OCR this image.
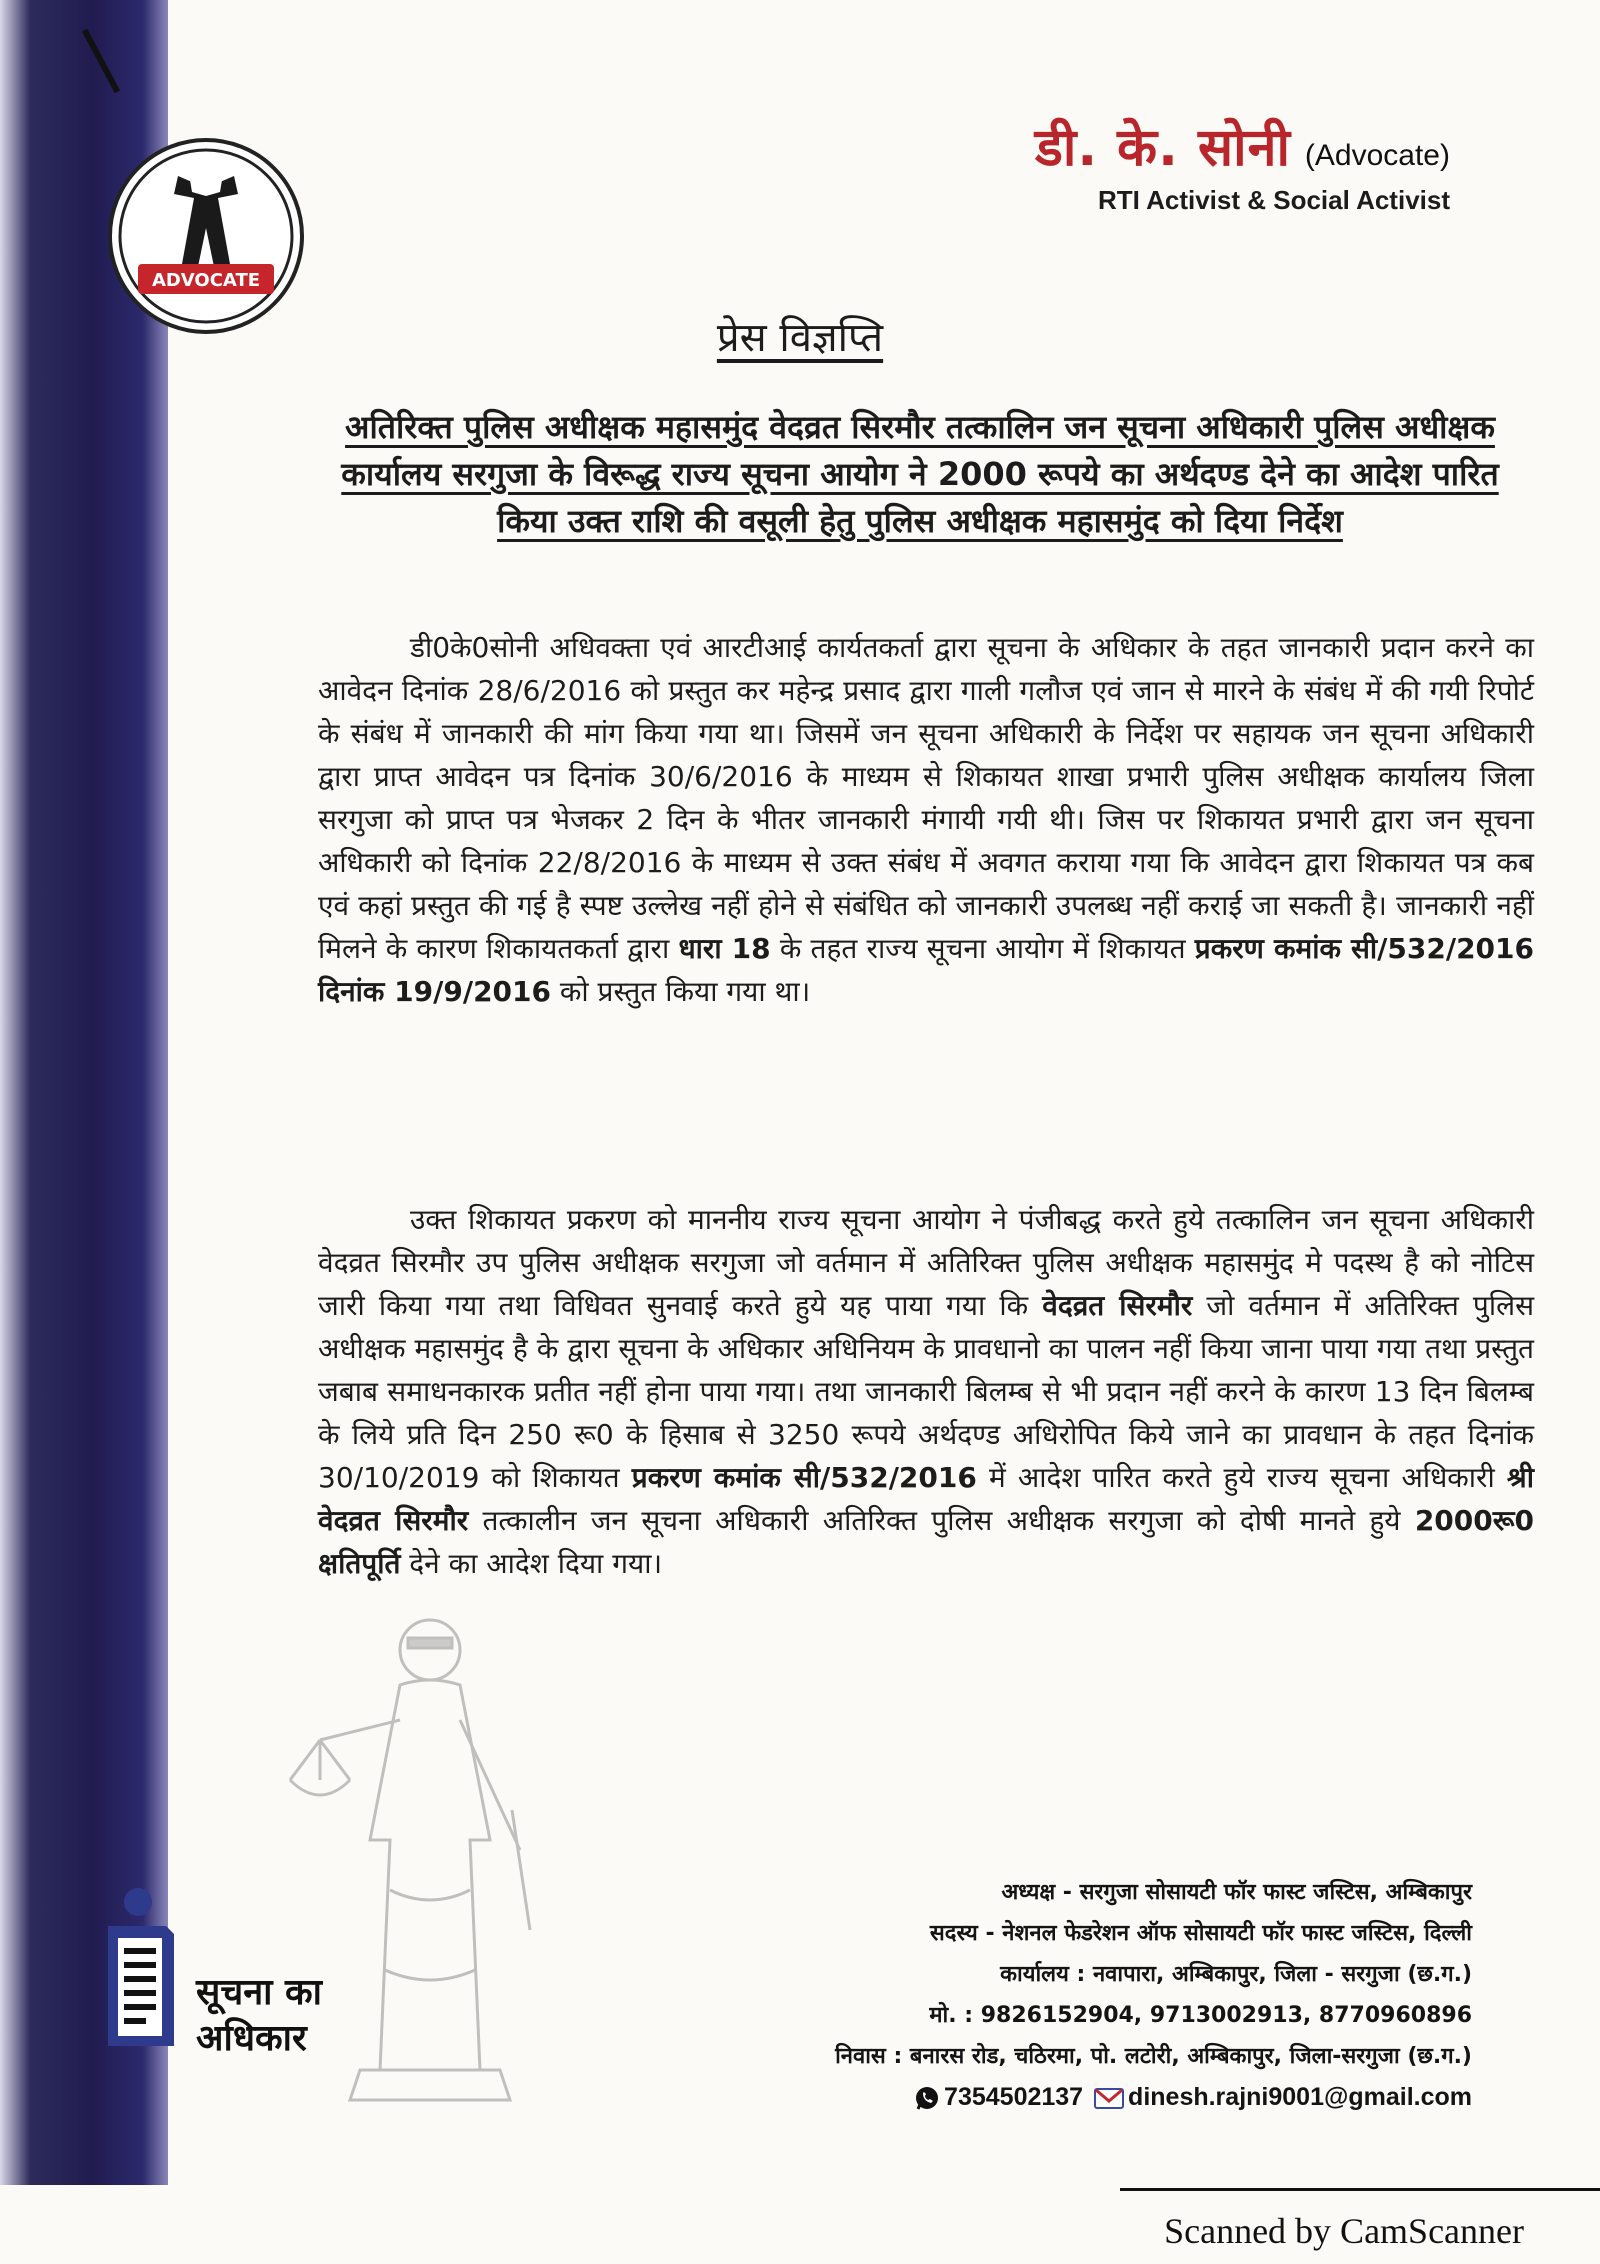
ADVOCATE
डी. के. सोनी (Advocate)
RTI Activist & Social Activist
प्रेस विज्ञप्ति
अतिरिक्त पुलिस अधीक्षक महासमुंद वेदव्रत सिरमौर तत्कालिन जन सूचना अधिकारी पुलिस अधीक्षक कार्यालय सरगुजा के विरूद्ध राज्य सूचना आयोग ने 2000 रूपये का अर्थदण्ड देने का आदेश पारित किया उक्त राशि की वसूली हेतु पुलिस अधीक्षक महासमुंद को दिया निर्देश
डी0के0सोनी अधिवक्ता एवं आरटीआई कार्यतकर्ता द्वारा सूचना के अधिकार के तहत जानकारी प्रदान करने का आवेदन दिनांक 28/6/2016 को प्रस्तुत कर महेन्द्र प्रसाद द्वारा गाली गलौज एवं जान से मारने के संबंध में की गयी रिपोर्ट के संबंध में जानकारी की मांग किया गया था। जिसमें जन सूचना अधिकारी के निर्देश पर सहायक जन सूचना अधिकारी द्वारा प्राप्त आवेदन पत्र दिनांक 30/6/2016 के माध्यम से शिकायत शाखा प्रभारी पुलिस अधीक्षक कार्यालय जिला सरगुजा को प्राप्त पत्र भेजकर 2 दिन के भीतर जानकारी मंगायी गयी थी। जिस पर शिकायत प्रभारी द्वारा जन सूचना अधिकारी को दिनांक 22/8/2016 के माध्यम से उक्त संबंध में अवगत कराया गया कि आवेदन द्वारा शिकायत पत्र कब एवं कहां प्रस्तुत की गई है स्पष्ट उल्लेख नहीं होने से संबंधित को जानकारी उपलब्ध नहीं कराई जा सकती है। जानकारी नहीं मिलने के कारण शिकायतकर्ता द्वारा धारा 18 के तहत राज्य सूचना आयोग में शिकायत प्रकरण कमांक सी/532/2016 दिनांक 19/9/2016 को प्रस्तुत किया गया था।
उक्त शिकायत प्रकरण को माननीय राज्य सूचना आयोग ने पंजीबद्ध करते हुये तत्कालिन जन सूचना अधिकारी वेदव्रत सिरमौर उप पुलिस अधीक्षक सरगुजा जो वर्तमान में अतिरिक्त पुलिस अधीक्षक महासमुंद मे पदस्थ है को नोटिस जारी किया गया तथा विधिवत सुनवाई करते हुये यह पाया गया कि वेदव्रत सिरमौर जो वर्तमान में अतिरिक्त पुलिस अधीक्षक महासमुंद है के द्वारा सूचना के अधिकार अधिनियम के प्रावधानो का पालन नहीं किया जाना पाया गया तथा प्रस्तुत जबाब समाधनकारक प्रतीत नहीं होना पाया गया। तथा जानकारी बिलम्ब से भी प्रदान नहीं करने के कारण 13 दिन बिलम्ब के लिये प्रति दिन 250 रू0 के हिसाब से 3250 रूपये अर्थदण्ड अधिरोपित किये जाने का प्रावधान के तहत दिनांक 30/10/2019 को शिकायत प्रकरण कमांक सी/532/2016 में आदेश पारित करते हुये राज्य सूचना अधिकारी श्री वेदव्रत सिरमौर तत्कालीन जन सूचना अधिकारी अतिरिक्त पुलिस अधीक्षक सरगुजा को दोषी मानते हुये 2000रू0 क्षतिपूर्ति देने का आदेश दिया गया।
सूचना का
अधिकार
अध्यक्ष - सरगुजा सोसायटी फॉर फास्ट जस्टिस, अम्बिकापुर
सदस्य - नेशनल फेडरेशन ऑफ सोसायटी फॉर फास्ट जस्टिस, दिल्ली
कार्यालय : नवापारा, अम्बिकापुर, जिला - सरगुजा (छ.ग.)
मो. : 9826152904, 9713002913, 8770960896
निवास : बनारस रोड, चठिरमा, पो. लटोरी, अम्बिकापुर, जिला-सरगुजा (छ.ग.)
7354502137 dinesh.rajni9001@gmail.com
Scanned by CamScanner
